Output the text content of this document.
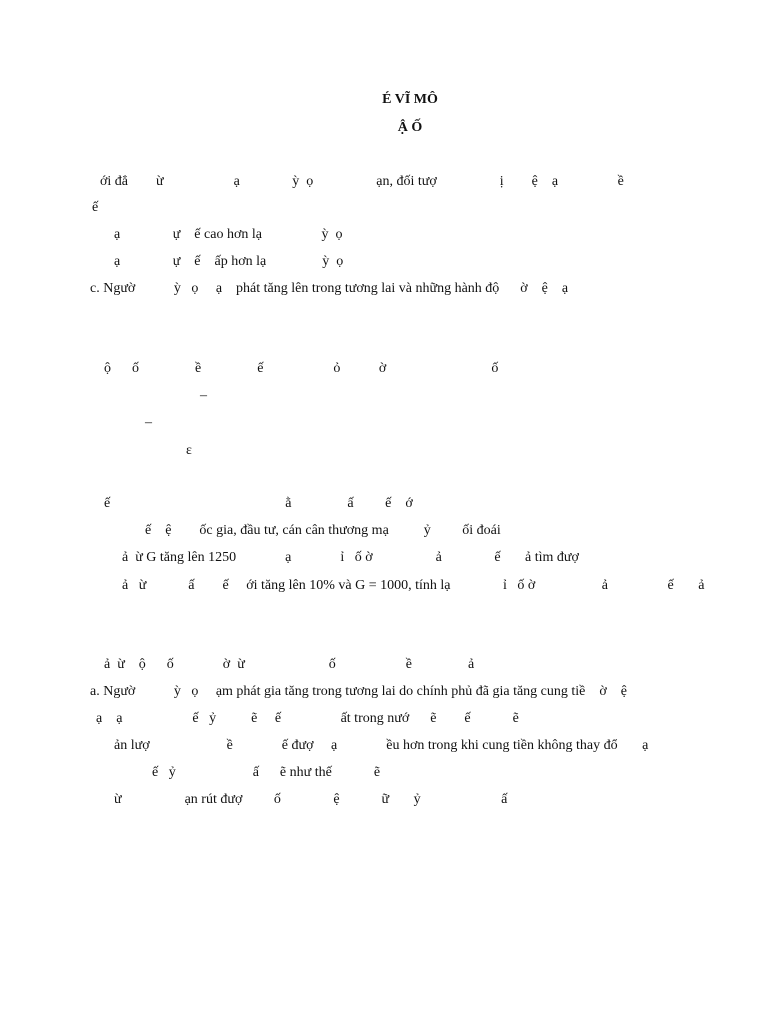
É VĨ MÔ
Ậ Ố
ới đẳ        ừ                    ạ               ỳ  ọ                  ạn, đối tượ                  ị        ệ    ạ                 ề
ế
ạ               ự    ế cao hơn lạ                 ỳ  ọ
ạ               ự    ế    ấp hơn lạ                ỳ  ọ
c. Ngườ           ỳ   ọ     ạ    phát tăng lên trong tương lai và những hành độ      ờ    ệ    ạ
ộ      ố                ề                ế                    ỏ           ờ                              ố
–
–
ε
ế                                                  ằ                ấ         ế    ớ
ế    ệ        ốc gia, đầu tư, cán cân thương mạ          ỷ         ối đoái
ả  ừ G tăng lên 1250              ạ              ỉ   ố ờ                  ả               ế       ả tìm đượ
ả   ừ            ấ        ế     ới tăng lên 10% và G = 1000, tính lạ               ỉ   ố ờ                   ả                 ế       ả
ả  ừ    ộ      ố              ờ  ừ                        ố                    ề                ả
a. Ngườ           ỳ   ọ     ạm phát gia tăng trong tương lai do chính phủ đã gia tăng cung tiề    ờ    ệ
ạ    ạ                    ế   ỷ          ẽ     ế                 ất trong nướ      ẽ        ế            ẽ
ản lượ                      ề              ế đượ     ạ              ều hơn trong khi cung tiền không thay đổ       ạ
ế   ỷ                      ấ      ẽ như thế            ẽ
ừ                  ạn rút đượ         ố               ệ            ữ       ỷ                       ấ
